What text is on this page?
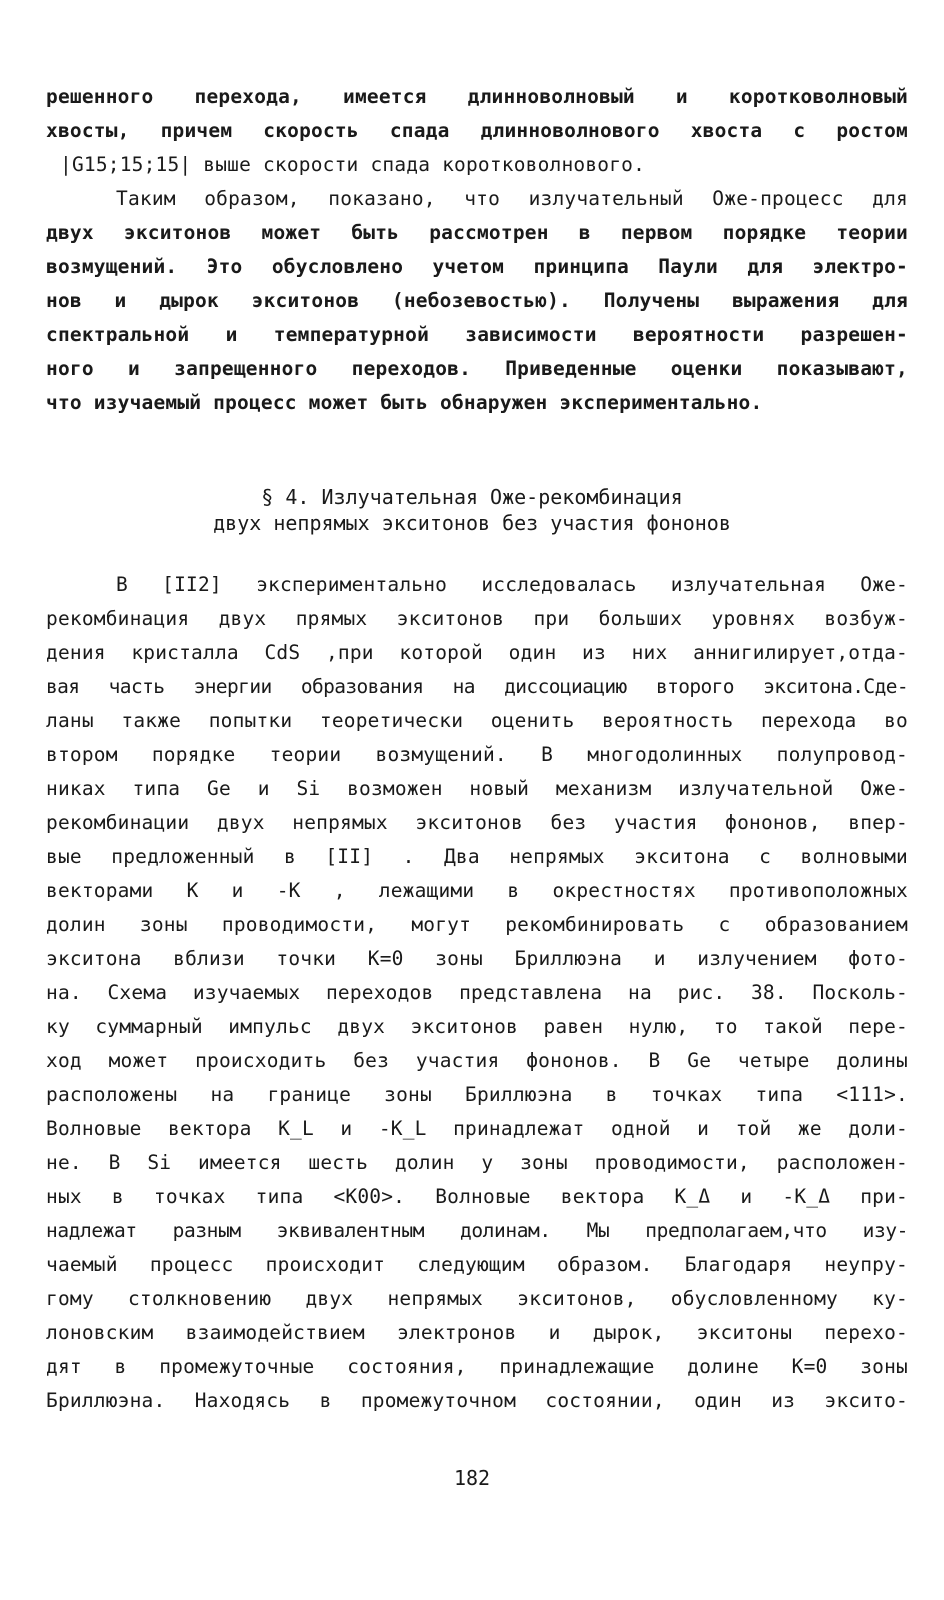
решенного перехода, имеется длинноволновый и коротковолновый
хвосты, причем скорость спада длинноволнового хвоста с ростом
|G15;15;15| выше скорости спада коротковолнового.
Таким образом, показано, что излучательный Оже-процесс для
двух экситонов может быть рассмотрен в первом порядке теории
возмущений. Это обусловлено учетом принципа Паули для электро-
нов и дырок экситонов (небозевостью). Получены выражения для
спектральной и температурной зависимости вероятности разрешен-
ного и запрещенного переходов. Приведенные оценки показывают,
что изучаемый процесс может быть обнаружен экспериментально.
§ 4. Излучательная Оже-рекомбинация
двух непрямых экситонов без участия фононов
В [II2] экспериментально исследовалась излучательная Оже-
рекомбинация двух прямых экситонов при больших уровнях возбуж-
дения кристалла CdS ,при которой один из них аннигилирует,отда-
вая часть энергии образования на диссоциацию второго экситона.Сде-
ланы также попытки теоретически оценить вероятность перехода во
втором порядке теории возмущений. В многодолинных полупровод-
никах типа Ge и Si возможен новый механизм излучательной Оже-
рекомбинации двух непрямых экситонов без участия фононов, впер-
вые предложенный в [II] . Два непрямых экситона с волновыми
векторами K и -K , лежащими в окрестностях противоположных
долин зоны проводимости, могут рекомбинировать с образованием
экситона вблизи точки K=0 зоны Бриллюэна и излучением фото-
на. Схема изучаемых переходов представлена на рис. 38. Посколь-
ку суммарный импульс двух экситонов равен нулю, то такой пере-
ход может происходить без участия фононов. В Ge четыре долины
расположены на границе зоны Бриллюэна в точках типа <111>.
Волновые вектора K_L и -K_L принадлежат одной и той же доли-
не. В Si имеется шесть долин у зоны проводимости, расположен-
ных в точках типа <K00>. Волновые вектора K_Δ и -K_Δ при-
надлежат разным эквивалентным долинам. Мы предполагаем,что изу-
чаемый процесс происходит следующим образом. Благодаря неупру-
гому столкновению двух непрямых экситонов, обусловленному ку-
лоновским взаимодействием электронов и дырок, экситоны перехо-
дят в промежуточные состояния, принадлежащие долине K=0 зоны
Бриллюэна. Находясь в промежуточном состоянии, один из эксито-
182
